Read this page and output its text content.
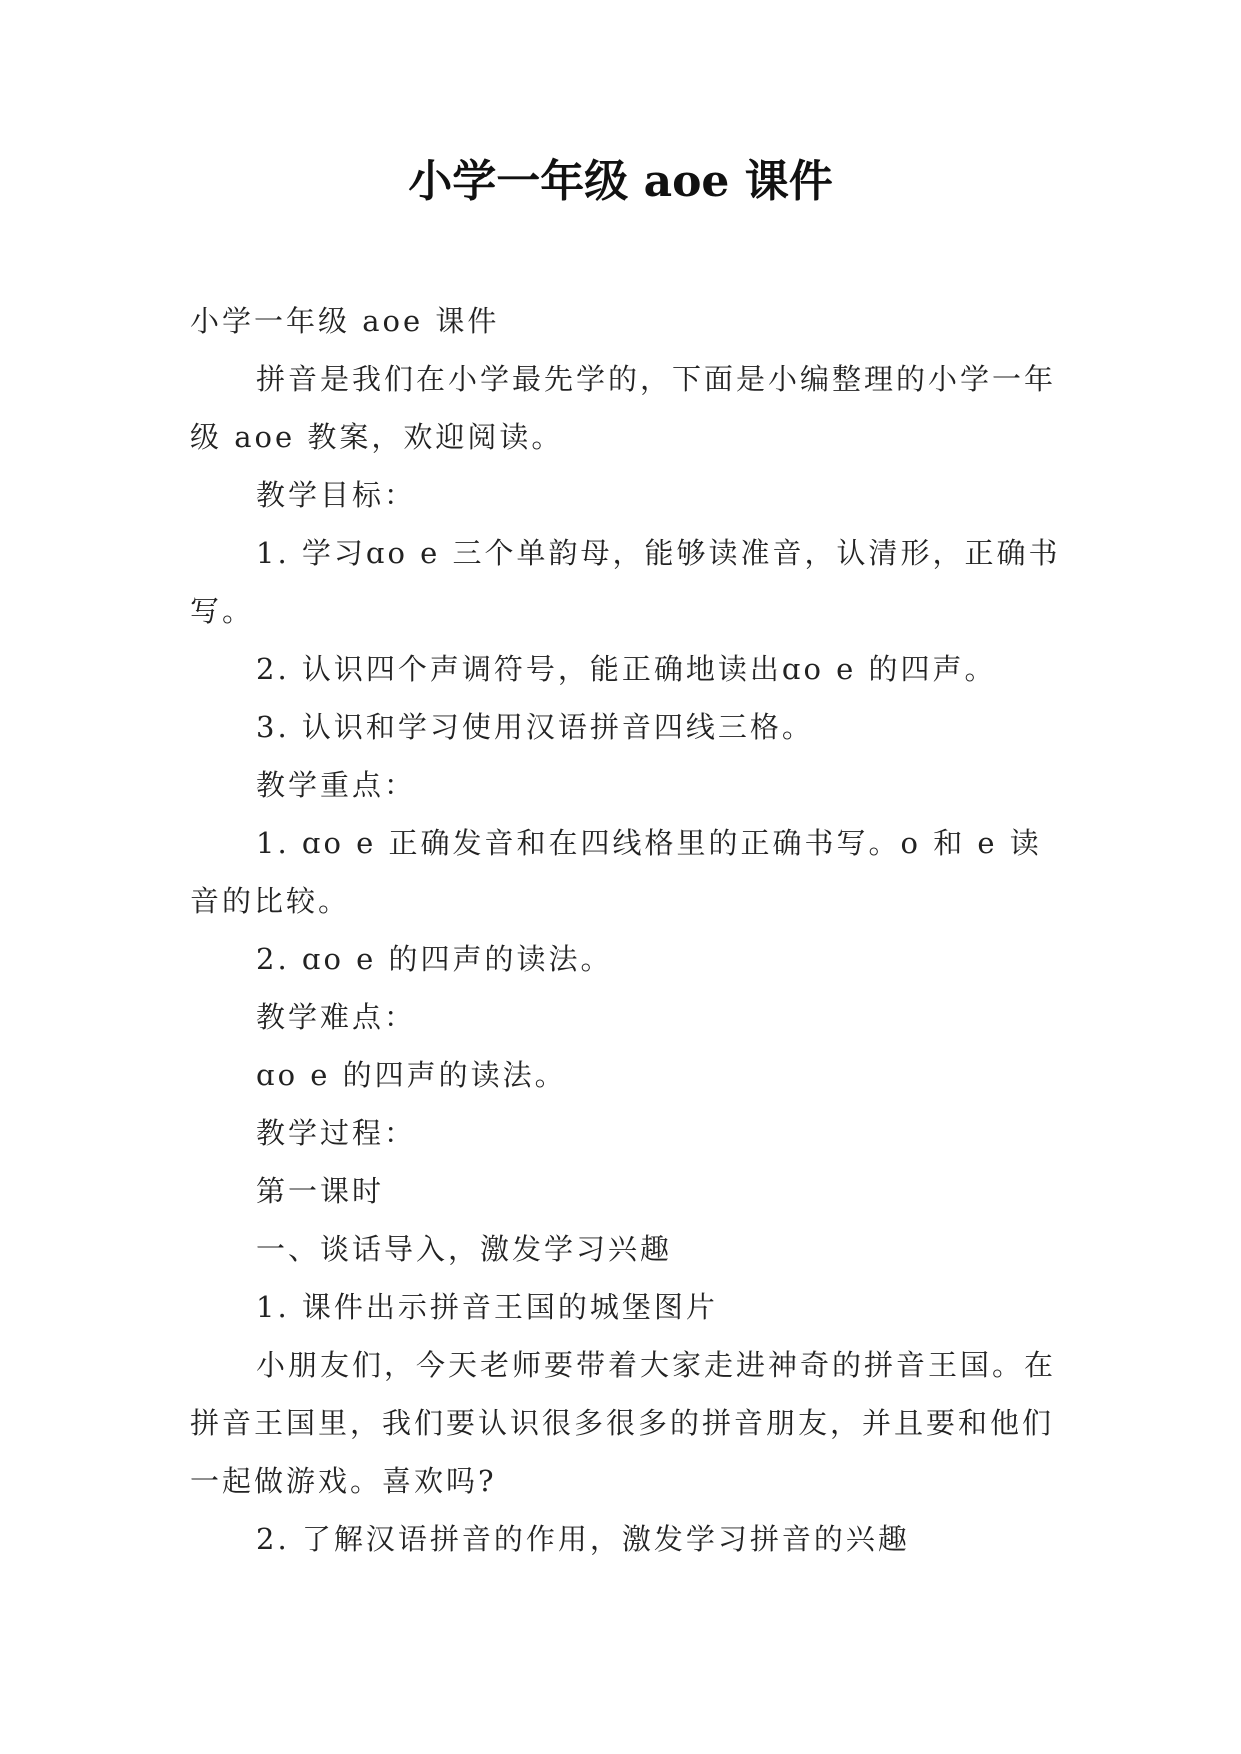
小学一年级 aoe 课件

小学一年级 aoe 课件

拼音是我们在小学最先学的，下面是小编整理的小学一年级 aoe 教案，欢迎阅读。

教学目标：

1. 学习ɑo e 三个单韵母，能够读准音，认清形，正确书写。

2. 认识四个声调符号，能正确地读出ɑo e 的四声。

3. 认识和学习使用汉语拼音四线三格。

教学重点：

1. ɑo e 正确发音和在四线格里的正确书写。o 和 e 读音的比较。

2. ɑo e 的四声的读法。

教学难点：

ɑo e 的四声的读法。

教学过程：

第一课时

一、谈话导入，激发学习兴趣

1. 课件出示拼音王国的城堡图片

小朋友们，今天老师要带着大家走进神奇的拼音王国。在拼音王国里，我们要认识很多很多的拼音朋友，并且要和他们一起做游戏。喜欢吗?

2. 了解汉语拼音的作用，激发学习拼音的兴趣
